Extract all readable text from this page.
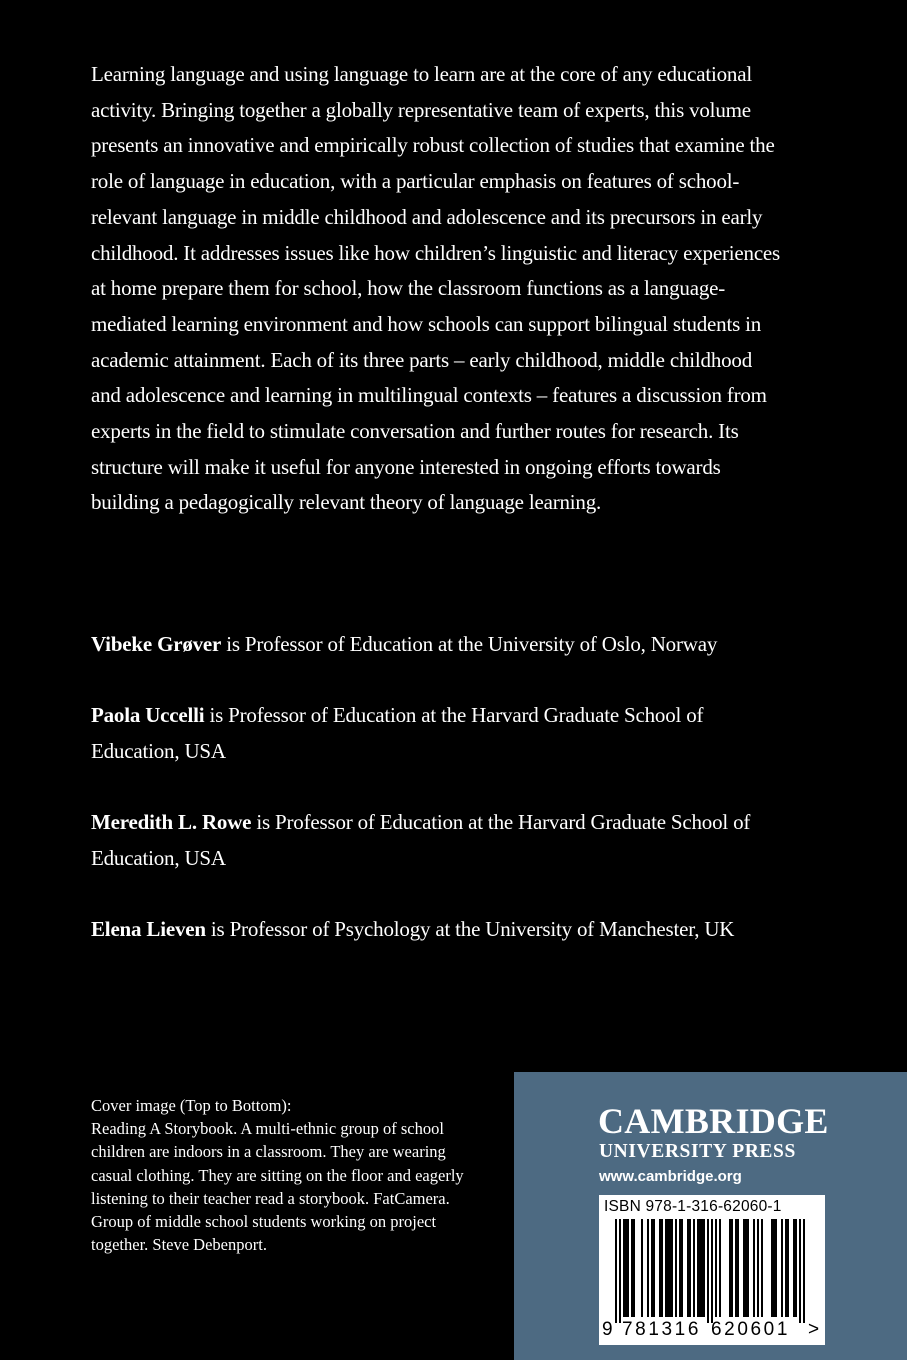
Learning language and using language to learn are at the core of any educational activity. Bringing together a globally representative team of experts, this volume presents an innovative and empirically robust collection of studies that examine the role of language in education, with a particular emphasis on features of school-relevant language in middle childhood and adolescence and its precursors in early childhood. It addresses issues like how children’s linguistic and literacy experiences at home prepare them for school, how the classroom functions as a language-mediated learning environment and how schools can support bilingual students in academic attainment. Each of its three parts – early childhood, middle childhood and adolescence and learning in multilingual contexts – features a discussion from experts in the field to stimulate conversation and further routes for research. Its structure will make it useful for anyone interested in ongoing efforts towards building a pedagogically relevant theory of language learning.

Vibeke Grøver is Professor of Education at the University of Oslo, Norway

Paola Uccelli is Professor of Education at the Harvard Graduate School of Education, USA

Meredith L. Rowe is Professor of Education at the Harvard Graduate School of Education, USA

Elena Lieven is Professor of Psychology at the University of Manchester, UK

Cover image (Top to Bottom):
Reading A Storybook. A multi-ethnic group of school children are indoors in a classroom. They are wearing casual clothing. They are sitting on the floor and eagerly listening to their teacher read a storybook. FatCamera.
Group of middle school students working on project together. Steve Debenport.
CAMBRIDGE
UNIVERSITY PRESS
www.cambridge.org
ISBN 978-1-316-62060-1
9 781316 620601 >
